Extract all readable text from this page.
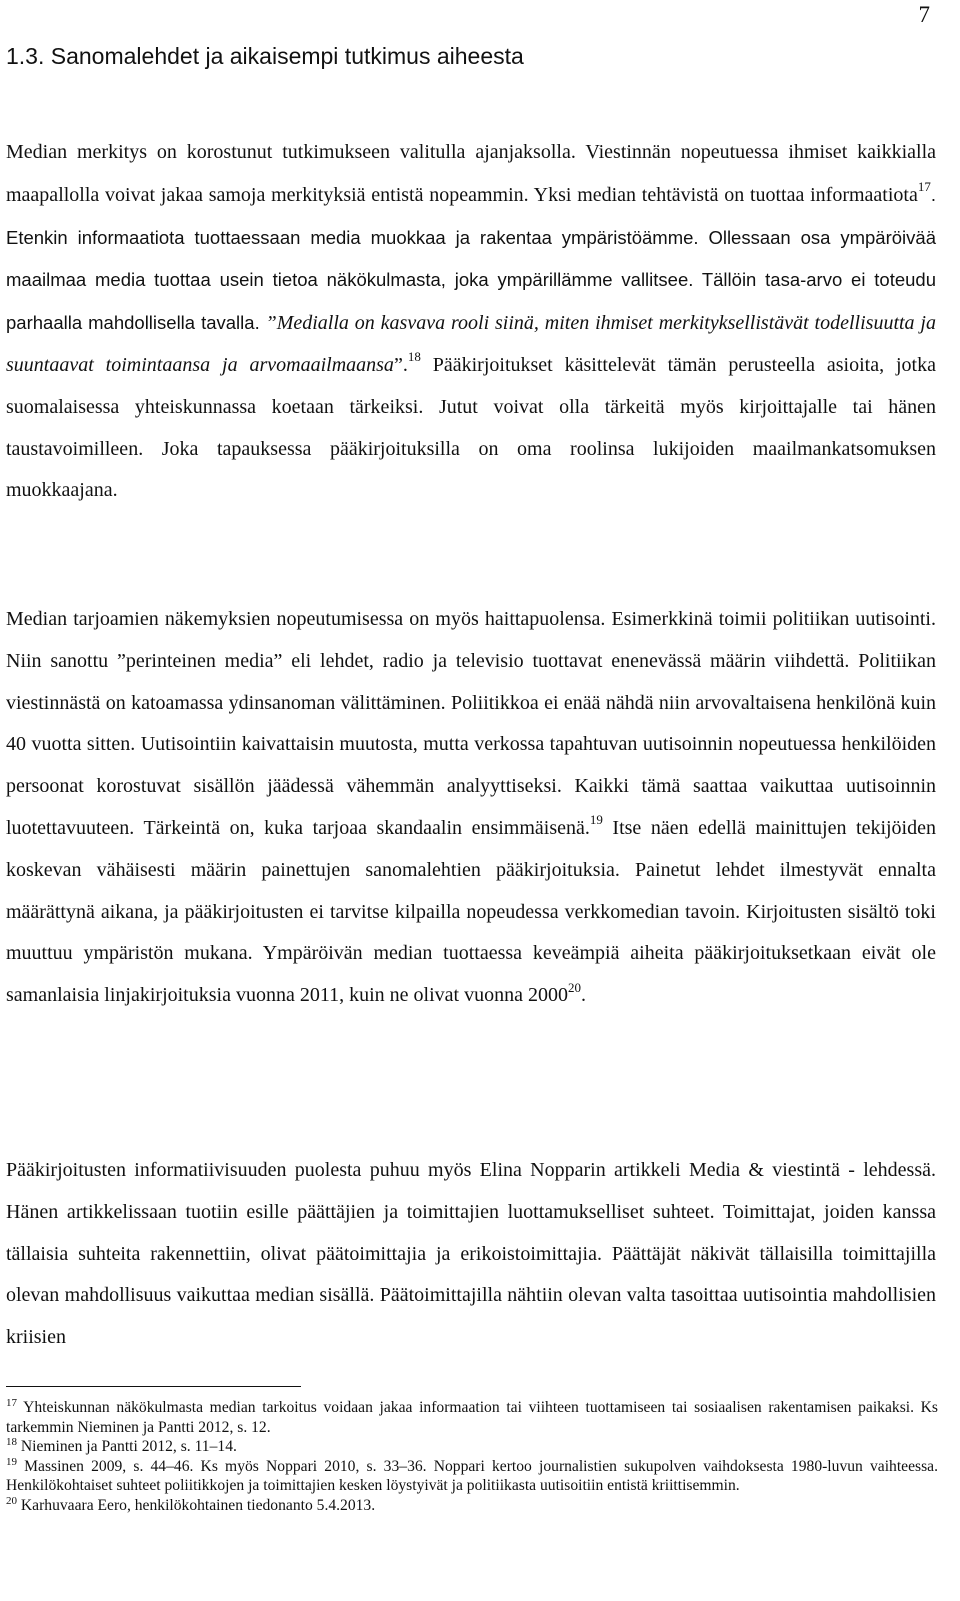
7
1.3. Sanomalehdet ja aikaisempi tutkimus aiheesta

Median merkitys on korostunut tutkimukseen valitulla ajanjaksolla. Viestinnän nopeutuessa ihmiset kaikkialla maapallolla voivat jakaa samoja merkityksiä entistä nopeammin. Yksi median tehtävistä on tuottaa informaatiota$^{17}$. Etenkin informaatiota tuottaessaan media muokkaa ja rakentaa ympäristöämme. Ollessaan osa ympäröivää maailmaa media tuottaa usein tietoa näkökulmasta, joka ympärillämme vallitsee. Tällöin tasa-arvo ei toteudu parhaalla mahdollisella tavalla. ”Medialla on kasvava rooli siinä, miten ihmiset merkityksellistävät todellisuutta ja suuntaavat toimintaansa ja arvomaailmaansa”.$^{18}$ Pääkirjoitukset käsittelevät tämän perusteella asioita, jotka suomalaisessa yhteiskunnassa koetaan tärkeiksi. Jutut voivat olla tärkeitä myös kirjoittajalle tai hänen taustavoimilleen. Joka tapauksessa pääkirjoituksilla on oma roolinsa lukijoiden maailmankatsomuksen muokkaajana.

Median tarjoamien näkemyksien nopeutumisessa on myös haittapuolensa. Esimerkkinä toimii politiikan uutisointi. Niin sanottu ”perinteinen media” eli lehdet, radio ja televisio tuottavat enenevässä määrin viihdettä. Politiikan viestinnästä on katoamassa ydinsanoman välittäminen. Poliitikkoa ei enää nähdä niin arvovaltaisena henkilönä kuin 40 vuotta sitten. Uutisointiin kaivattaisin muutosta, mutta verkossa tapahtuvan uutisoinnin nopeutuessa henkilöiden persoonat korostuvat sisällön jäädessä vähemmän analyyttiseksi. Kaikki tämä saattaa vaikuttaa uutisoinnin luotettavuuteen. Tärkeintä on, kuka tarjoaa skandaalin ensimmäisenä.$^{19}$ Itse näen edellä mainittujen tekijöiden koskevan vähäisesti määrin painettujen sanomalehtien pääkirjoituksia. Painetut lehdet ilmestyvät ennalta määrättynä aikana, ja pääkirjoitusten ei tarvitse kilpailla nopeudessa verkkomedian tavoin. Kirjoitusten sisältö toki muuttuu ympäristön mukana. Ympäröivän median tuottaessa keveämpiä aiheita pääkirjoituksetkaan eivät ole samanlaisia linjakirjoituksia vuonna 2011, kuin ne olivat vuonna 2000$^{20}$.

Pääkirjoitusten informatiivisuuden puolesta puhuu myös Elina Nopparin artikkeli Media & viestintä - lehdessä. Hänen artikkelissaan tuotiin esille päättäjien ja toimittajien luottamukselliset suhteet. Toimittajat, joiden kanssa tällaisia suhteita rakennettiin, olivat päätoimittajia ja erikoistoimittajia. Päättäjät näkivät tällaisilla toimittajilla olevan mahdollisuus vaikuttaa median sisällä. Päätoimittajilla nähtiin olevan valta tasoittaa uutisointia mahdollisien kriisien

$^{17}$ Yhteiskunnan näkökulmasta median tarkoitus voidaan jakaa informaation tai viihteen tuottamiseen tai sosiaalisen rakentamisen paikaksi. Ks tarkemmin Nieminen ja Pantti 2012, s. 12.

$^{18}$ Nieminen ja Pantti 2012, s. 11–14.

$^{19}$ Massinen 2009, s. 44–46. Ks myös Noppari 2010, s. 33–36. Noppari kertoo journalistien sukupolven vaihdoksesta 1980-luvun vaihteessa. Henkilökohtaiset suhteet poliitikkojen ja toimittajien kesken löystyivät ja politiikasta uutisoitiin entistä kriittisemmin.

$^{20}$ Karhuvaara Eero, henkilökohtainen tiedonanto 5.4.2013.
